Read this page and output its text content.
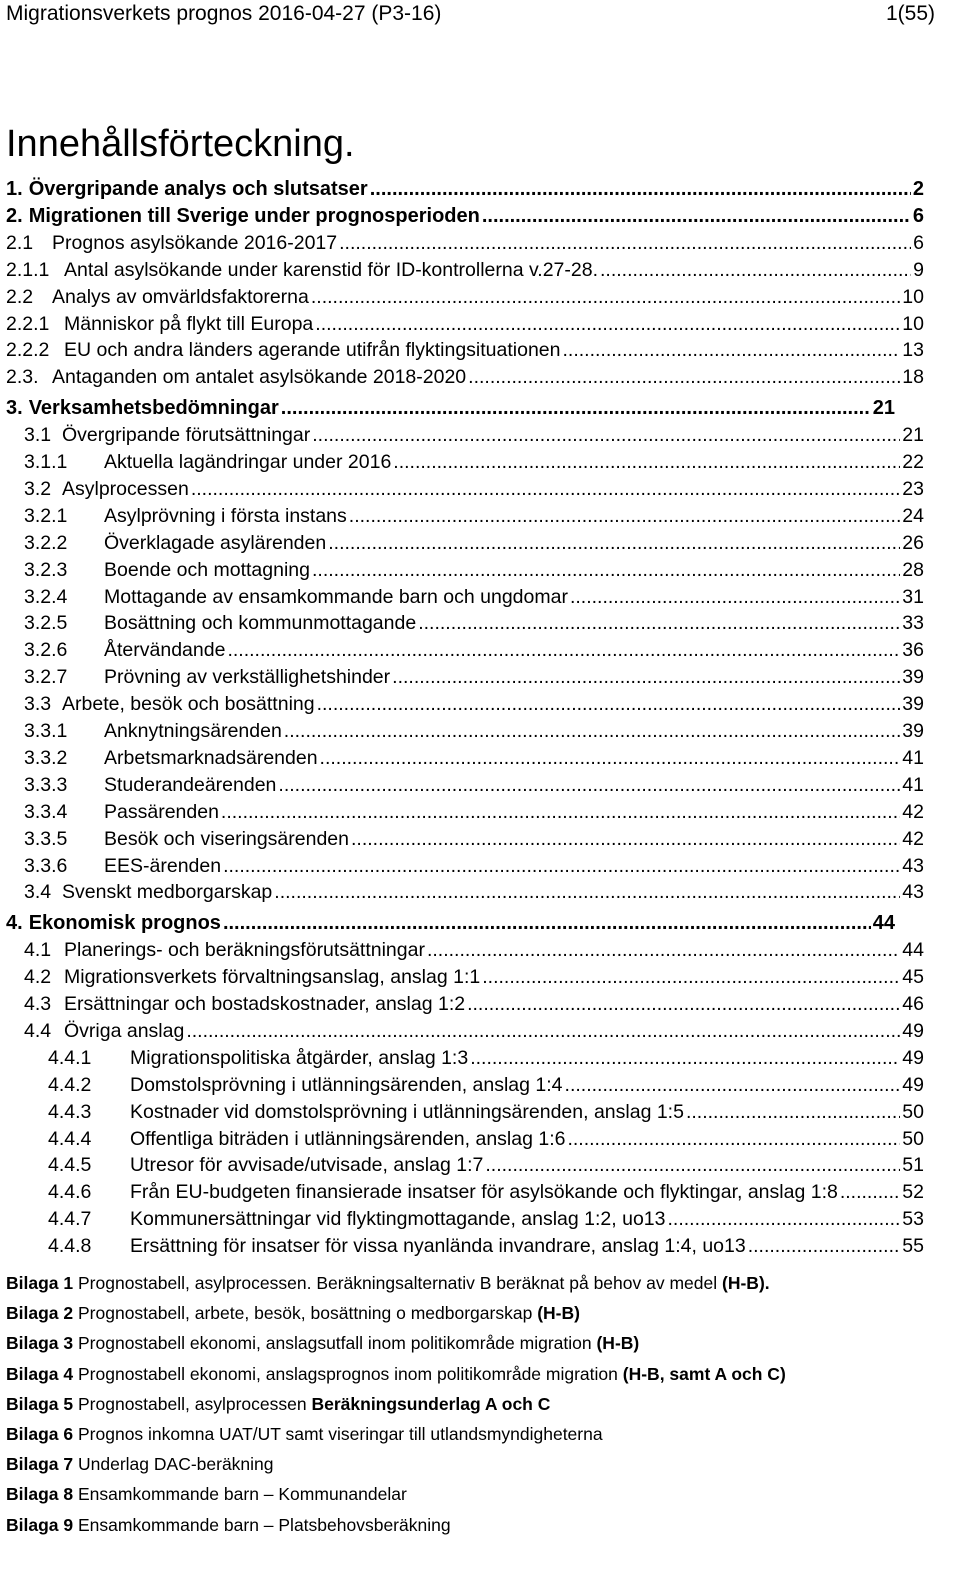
Migrationsverkets prognos 2016-04-27 (P3-16)	1(55)
Innehållsförteckning.
1. Övergripande analys och slutsatser .....	2
2. Migrationen till Sverige under prognosperioden .....	6
2.1 Prognos asylsökande 2016-2017 .....	6
2.1.1 Antal asylsökande under karenstid för ID-kontrollerna v.27-28. .....	9
2.2 Analys av omvärldsfaktorerna .....	10
2.2.1 Människor på flykt till Europa .....	10
2.2.2 EU och andra länders agerande utifrån flyktingsituationen .....	13
2.3. Antaganden om antalet asylsökande 2018-2020 .....	18
3. Verksamhetsbedömningar .....	21
3.1 Övergripande förutsättningar .....	21
3.1.1	Aktuella lagändringar under 2016 .....	22
3.2 Asylprocessen .....	23
3.2.1	Asylprövning i första instans .....	24
3.2.2	Överklagade asylärenden .....	26
3.2.3	Boende och mottagning .....	28
3.2.4	Mottagande av ensamkommande barn och ungdomar .....	31
3.2.5	Bosättning och kommunmottagande .....	33
3.2.6	Återvändande .....	36
3.2.7	Prövning av verkställighetshinder .....	39
3.3 Arbete, besök och bosättning .....	39
3.3.1	Anknytningsärenden .....	39
3.3.2	Arbetsmarknadsärenden .....	41
3.3.3	Studerandeärenden .....	41
3.3.4	Passärenden .....	42
3.3.5	Besök och viseringsärenden .....	42
3.3.6	EES-ärenden .....	43
3.4 Svenskt medborgarskap .....	43
4. Ekonomisk prognos .....	44
4.1 Planerings- och beräkningsförutsättningar .....	44
4.2 Migrationsverkets förvaltningsanslag, anslag 1:1 .....	45
4.3 Ersättningar och bostadskostnader, anslag 1:2 .....	46
4.4 Övriga anslag .....	49
4.4.1	Migrationspolitiska åtgärder, anslag 1:3 .....	49
4.4.2	Domstolsprövning i utlänningsärenden, anslag 1:4 .....	49
4.4.3	Kostnader vid domstolsprövning i utlänningsärenden, anslag 1:5 .....	50
4.4.4	Offentliga biträden i utlänningsärenden, anslag 1:6 .....	50
4.4.5	Utresor för avvisade/utvisade, anslag 1:7 .....	51
4.4.6	Från EU-budgeten finansierade insatser för asylsökande och flyktingar, anslag 1:8 .....	52
4.4.7	Kommunersättningar vid flyktingmottagande, anslag 1:2, uo13 .....	53
4.4.8	Ersättning för insatser för vissa nyanlända invandrare, anslag 1:4, uo13 .....	55
Bilaga 1 Prognostabell, asylprocessen. Beräkningsalternativ B beräknat på behov av medel (H-B).
Bilaga 2 Prognostabell, arbete, besök, bosättning o medborgarskap (H-B)
Bilaga 3 Prognostabell ekonomi, anslagsutfall inom politikområde migration (H-B)
Bilaga 4 Prognostabell ekonomi, anslagsprognos inom politikområde migration (H-B, samt A och C)
Bilaga 5 Prognostabell, asylprocessen Beräkningsunderlag A och C
Bilaga 6 Prognos inkomna UAT/UT samt viseringar till utlandsmyndigheterna
Bilaga 7 Underlag DAC-beräkning
Bilaga 8 Ensamkommande barn – Kommunandelar
Bilaga 9 Ensamkommande barn – Platsbehovsberäkning
